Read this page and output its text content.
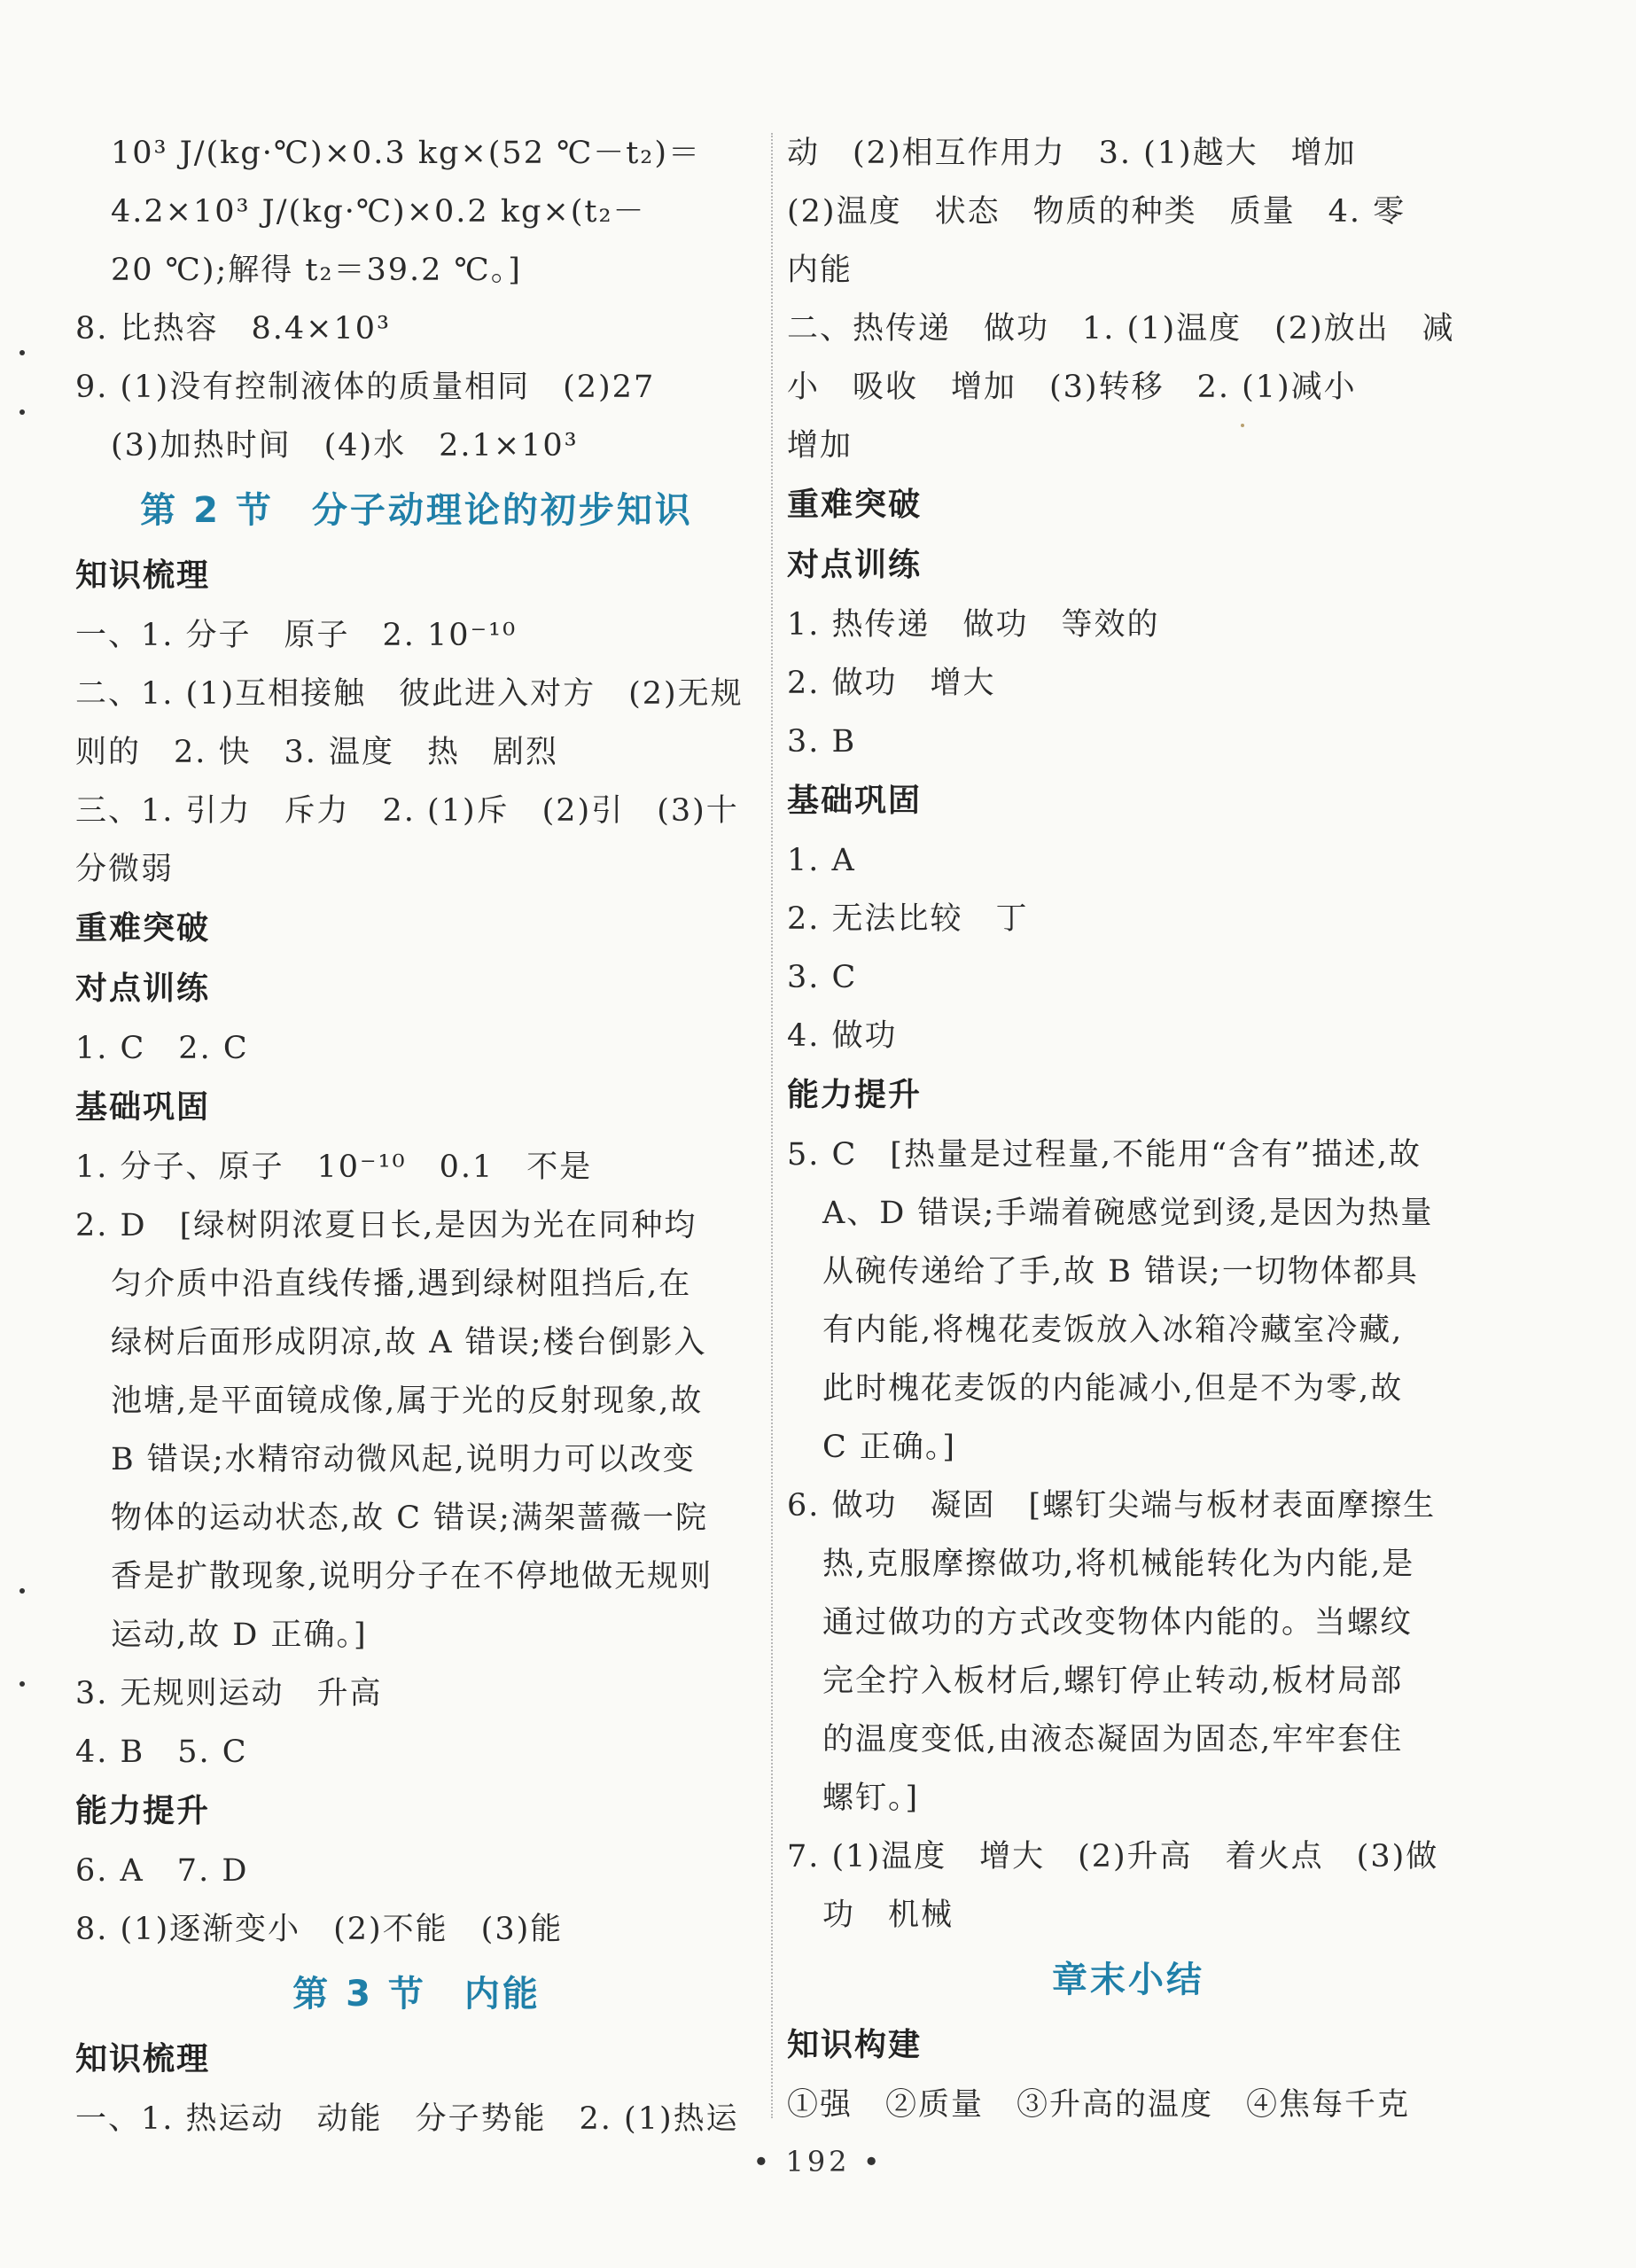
10³ J/(kg·℃)×0.3 kg×(52 ℃－t₂)＝
4.2×10³ J/(kg·℃)×0.2 kg×(t₂－
20 ℃);解得 t₂＝39.2 ℃。]
8. 比热容　8.4×10³
9. (1)没有控制液体的质量相同　(2)27
(3)加热时间　(4)水　2.1×10³
第 2 节　分子动理论的初步知识
知识梳理
一、1. 分子　原子　2. 10⁻¹⁰
二、1. (1)互相接触　彼此进入对方　(2)无规
则的　2. 快　3. 温度　热　剧烈
三、1. 引力　斥力　2. (1)斥　(2)引　(3)十
分微弱
重难突破
对点训练
1. C　2. C
基础巩固
1. 分子、原子　10⁻¹⁰　0.1　不是
2. D　[绿树阴浓夏日长,是因为光在同种均
匀介质中沿直线传播,遇到绿树阻挡后,在
绿树后面形成阴凉,故 A 错误;楼台倒影入
池塘,是平面镜成像,属于光的反射现象,故
B 错误;水精帘动微风起,说明力可以改变
物体的运动状态,故 C 错误;满架蔷薇一院
香是扩散现象,说明分子在不停地做无规则
运动,故 D 正确。]
3. 无规则运动　升高
4. B　5. C
能力提升
6. A　7. D
8. (1)逐渐变小　(2)不能　(3)能
第 3 节　内能
知识梳理
一、1. 热运动　动能　分子势能　2. (1)热运
动　(2)相互作用力　3. (1)越大　增加
(2)温度　状态　物质的种类　质量　4. 零
内能
二、热传递　做功　1. (1)温度　(2)放出　减
小　吸收　增加　(3)转移　2. (1)减小
增加
重难突破
对点训练
1. 热传递　做功　等效的
2. 做功　增大
3. B
基础巩固
1. A
2. 无法比较　丁
3. C
4. 做功
能力提升
5. C　[热量是过程量,不能用“含有”描述,故
A、D 错误;手端着碗感觉到烫,是因为热量
从碗传递给了手,故 B 错误;一切物体都具
有内能,将槐花麦饭放入冰箱冷藏室冷藏,
此时槐花麦饭的内能减小,但是不为零,故
C 正确。]
6. 做功　凝固　[螺钉尖端与板材表面摩擦生
热,克服摩擦做功,将机械能转化为内能,是
通过做功的方式改变物体内能的。当螺纹
完全拧入板材后,螺钉停止转动,板材局部
的温度变低,由液态凝固为固态,牢牢套住
螺钉。]
7. (1)温度　增大　(2)升高　着火点　(3)做
功　机械
章末小结
知识构建
①强　②质量　③升高的温度　④焦每千克
• 192 •
